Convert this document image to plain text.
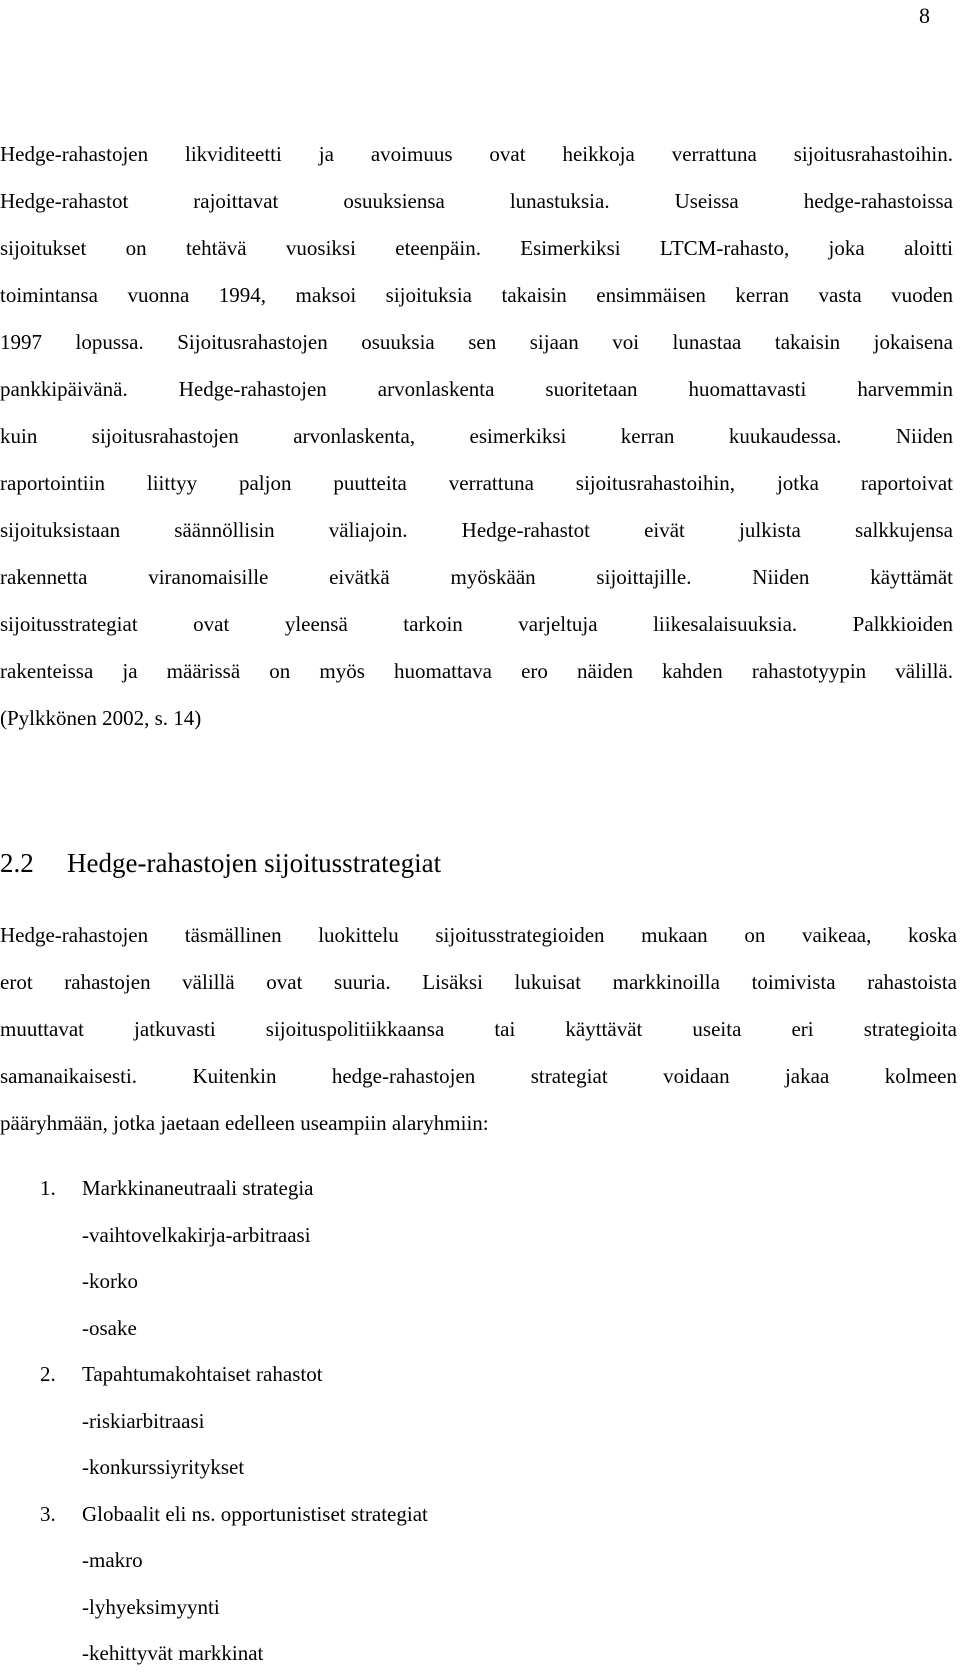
8
Hedge-rahastojen likviditeetti ja avoimuus ovat heikkoja verrattuna sijoitusrahastoihin.
Hedge-rahastot rajoittavat osuuksiensa lunastuksia. Useissa hedge-rahastoissa
sijoitukset on tehtävä vuosiksi eteenpäin. Esimerkiksi LTCM-rahasto, joka aloitti
toimintansa vuonna 1994, maksoi sijoituksia takaisin ensimmäisen kerran vasta vuoden
1997 lopussa. Sijoitusrahastojen osuuksia sen sijaan voi lunastaa takaisin jokaisena
pankkipäivänä. Hedge-rahastojen arvonlaskenta suoritetaan huomattavasti harvemmin
kuin sijoitusrahastojen arvonlaskenta, esimerkiksi kerran kuukaudessa. Niiden
raportointiin liittyy paljon puutteita verrattuna sijoitusrahastoihin, jotka raportoivat
sijoituksistaan säännöllisin väliajoin. Hedge-rahastot eivät julkista salkkujensa
rakennetta viranomaisille eivätkä myöskään sijoittajille. Niiden käyttämät
sijoitusstrategiat ovat yleensä tarkoin varjeltuja liikesalaisuuksia. Palkkioiden
rakenteissa ja määrissä on myös huomattava ero näiden kahden rahastotyypin välillä.
(Pylkkönen 2002, s. 14)
2.2 Hedge-rahastojen sijoitusstrategiat
Hedge-rahastojen täsmällinen luokittelu sijoitusstrategioiden mukaan on vaikeaa, koska
erot rahastojen välillä ovat suuria. Lisäksi lukuisat markkinoilla toimivista rahastoista
muuttavat jatkuvasti sijoituspolitiikkaansa tai käyttävät useita eri strategioita
samanaikaisesti. Kuitenkin hedge-rahastojen strategiat voidaan jakaa kolmeen
pääryhmään, jotka jaetaan edelleen useampiin alaryhmiin:
1. Markkinaneutraali strategia
-vaihtovelkakirja-arbitraasi
-korko
-osake
2. Tapahtumakohtaiset rahastot
-riskiarbitraasi
-konkurssiyritykset
3. Globaalit eli ns. opportunistiset strategiat
-makro
-lyhyeksimyynti
-kehittyvät markkinat
